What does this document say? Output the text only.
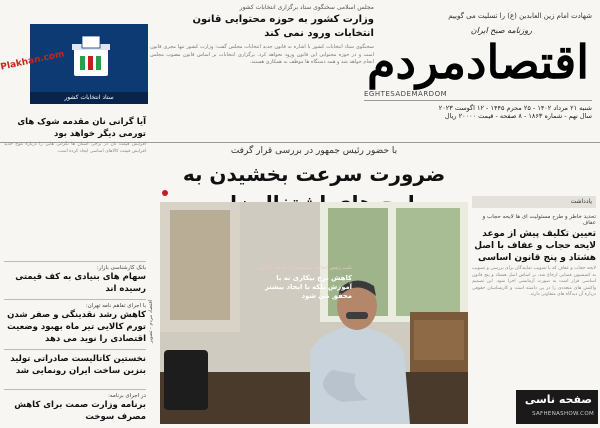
شهادت امام زین العابدین (ع) را تسلیت می گوییم
روزنامه صبح ایران
اقتصادمردم
EGHTESADEMARDOM
شنبه ۲۱ مرداد ۱۴۰۲ - ۲۵ محرم ۱۴۴۵ - ۱۲ اگوست ۲۰۲۳
سال نهم - شماره ۱۸۶۳ - ۸ صفحه - قیمت ۲۰۰۰۰ ریال
مجلس اسلامی سخنگوی ستاد برگزاری انتخابات کشور
وزارت کشور به حوزه محتوایی قانون انتخابات ورود نمی کند
سخنگوی ستاد انتخابات کشور با اشاره به قانون جدید انتخابات مجلس گفت: وزارت کشور تنها مجری قانون است و در حوزه محتوایی این قانون ورود نخواهد کرد. برگزاری انتخابات بر اساس قانون مصوب مجلس انجام خواهد شد و همه دستگاه ها موظف به همکاری هستند.
ستاد انتخابات کشور
Plakhan.com
با حضور رئیس جمهور در بررسی قرار گرفت
ضرورت سرعت بخشیدن به
نایب رئیس اتحادیه پیشکسوتان جامعه کارگری
کاهش نرخ بیکاری نه با آموزش بلکه با ایجاد بیشتر محقق می شود
اقتصاد مردم - تصویر
آیا گرانی نان مقدمه شوک های تورمی دیگر خواهد بود
افزایش قیمت نان در برخی استان ها نگرانی هایی را درباره موج جدید افزایش قیمت کالاهای اساسی ایجاد کرده است.
بانک کارشناسی بازار:
سهام های بنیادی به کف قیمتی رسیده اند
با اجرای تفاهم نامه تهران:
کاهش رشد نقدینگی و صفر شدن تورم کالایی تیر ماه بهبود وضعیت اقتصادی را نوید می دهد
نخستین کاتالیست صادراتی تولید بنزین ساخت ایران رونمایی شد
در اجرای برنامه:
برنامه وزارت صمت برای کاهش مصرف سوخت
یادداشت
تحدید خاطر و طرح مسئولیت ای ها لایحه حجاب و عفاف
تعیین تکلیف پیش از موعد لایحه حجاب و عفاف با اصل هشتاد و پنج قانون اساسی
لایحه حجاب و عفاف که با تصویب نمایندگان برای بررسی و تصویب به کمیسیون قضایی ارجاع شد، بر اساس اصل هشتاد و پنج قانون اساسی قرار است به صورت آزمایشی اجرا شود. این تصمیم واکنش های متعددی را در پی داشته است و کارشناسان حقوقی درباره آن دیدگاه های متفاوتی دارند.
صفحه ناسی
SAFHENASHOW.COM
